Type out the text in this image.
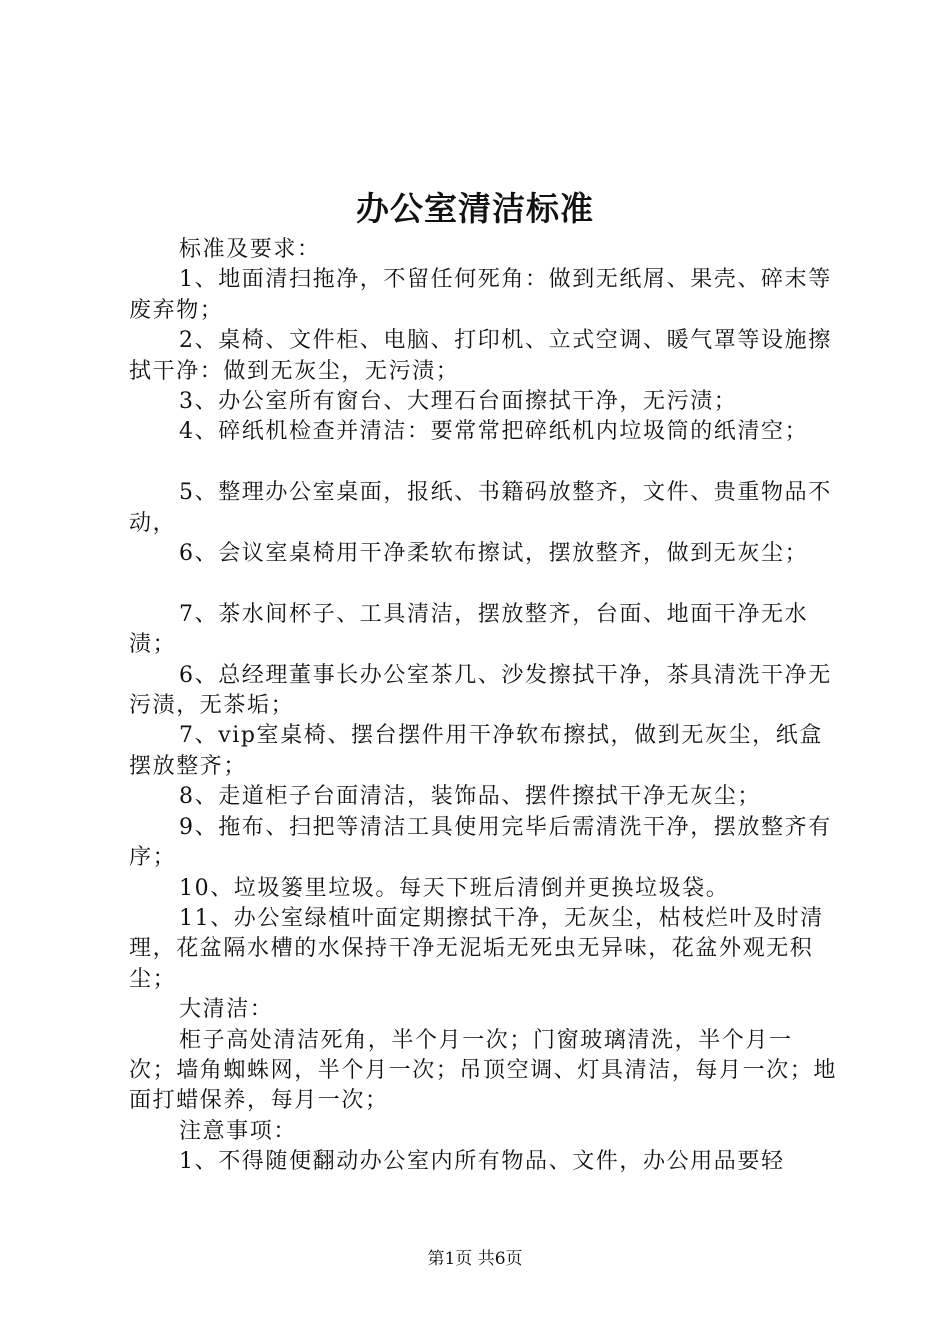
办公室清洁标准

标准及要求：

1、地面清扫拖净，不留任何死角：做到无纸屑、果壳、碎末等废弃物；

2、桌椅、文件柜、电脑、打印机、立式空调、暖气罩等设施擦拭干净：做到无灰尘，无污渍；

3、办公室所有窗台、大理石台面擦拭干净，无污渍；

4、碎纸机检查并清洁：要常常把碎纸机内垃圾筒的纸清空；

5、整理办公室桌面，报纸、书籍码放整齐，文件、贵重物品不动，

6、会议室桌椅用干净柔软布擦试，摆放整齐，做到无灰尘；

7、茶水间杯子、工具清洁，摆放整齐，台面、地面干净无水渍；

6、总经理董事长办公室茶几、沙发擦拭干净，茶具清洗干净无污渍，无茶垢；

7、vip室桌椅、摆台摆件用干净软布擦拭，做到无灰尘，纸盒摆放整齐；

8、走道柜子台面清洁，装饰品、摆件擦拭干净无灰尘；

9、拖布、扫把等清洁工具使用完毕后需清洗干净，摆放整齐有序；

10、垃圾篓里垃圾。每天下班后清倒并更换垃圾袋。

11、办公室绿植叶面定期擦拭干净，无灰尘，枯枝烂叶及时清理，花盆隔水槽的水保持干净无泥垢无死虫无异味，花盆外观无积尘；

大清洁：

柜子高处清洁死角，半个月一次；门窗玻璃清洗，半个月一次；墙角蜘蛛网，半个月一次；吊顶空调、灯具清洁，每月一次；地面打蜡保养，每月一次；

注意事项：

1、不得随便翻动办公室内所有物品、文件，办公用品要轻

第1页 共6页
